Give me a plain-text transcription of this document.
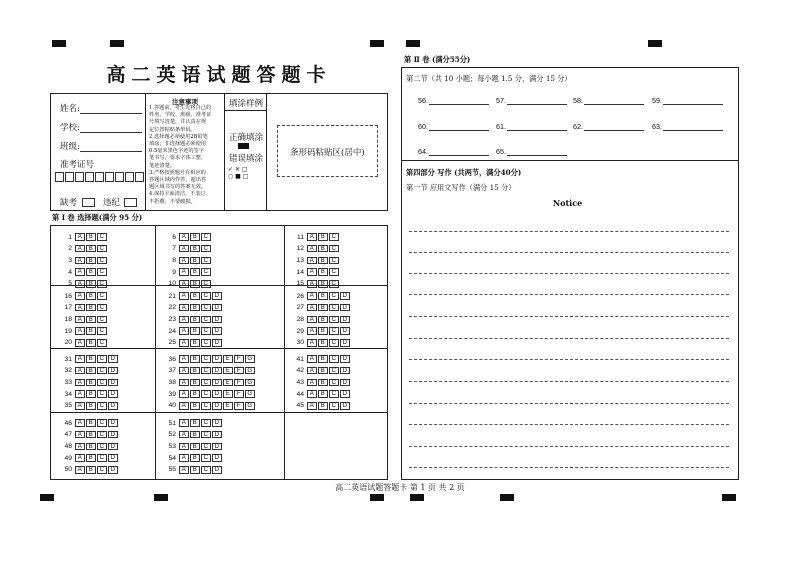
高二英语试题答题卡
姓名:
学校:
班级:
准考证号
缺考	违纪
注意事项
1.答题前，考生先将自己的
姓名、学校、班级、准考证
号填写清楚，并认真在规
定位置粘贴条形码。
2.选择题必须使用2B铅笔
填涂；非选择题必须使用
0.5毫米黑色字迹的签字
笔书写，要求字体工整、
笔迹清楚。
3.严格按照题号在相应的
答题区域内作答，超出答
题区域书写的答案无效。
4.保持卡面清洁，不装订、
不折叠、不要破损。
填涂样例
正确填涂
错误填涂
✓ ✕ □
○ ■ □
条形码粘贴区(居中)
第 Ⅰ 卷 选择题(满分 95 分)
1 A	B	C
2 A	B	C
3 A	B	C
4 A	B	C
5 A	B	C
6 A	B	C
7 A	B	C
8 A	B	C
9 A	B	C
10 A	B	C
11 A	B	C
12 A	B	C
13 A	B	C
14 A	B	C
15 A	B	C
16 A	B	C
17 A	B	C
18 A	B	C
19 A	B	C
20 A	B	C
21 A	B	C	D
22 A	B	C	D
23 A	B	C	D
24 A	B	C	D
25 A	B	C	D
26 A	B	C	D
27 A	B	C	D
28 A	B	C	D
29 A	B	C	D
30 A	B	C	D
31 A	B	C	D
32 A	B	C	D
33 A	B	C	D
34 A	B	C	D
35 A	B	C	D
36 A	B	C	D	E	F	G
37 A	B	C	D	E	F	G
38 A	B	C	D	E	F	G
39 A	B	C	D	E	F	G
40 A	B	C	D	E	F	G
41 A	B	C	D
42 A	B	C	D
43 A	B	C	D
44 A	B	C	D
45 A	B	C	D
46 A	B	C	D
47 A	B	C	D
48 A	B	C	D
49 A	B	C	D
50 A	B	C	D
51 A	B	C	D
52 A	B	C	D
53 A	B	C	D
54 A	B	C	D
55 A	B	C	D
第 Ⅱ 卷 (满分55分)
第二节（共 10 小题；每小题 1.5 分，满分 15 分）
56.	57.	58.	59.
60.	61.	62.	63.
64.	65.
第四部分 写作 (共两节，满分40分)
第一节 应用文写作（满分 15 分）
Notice
高二英语试题答题卡 第 1 页 共 2 页
